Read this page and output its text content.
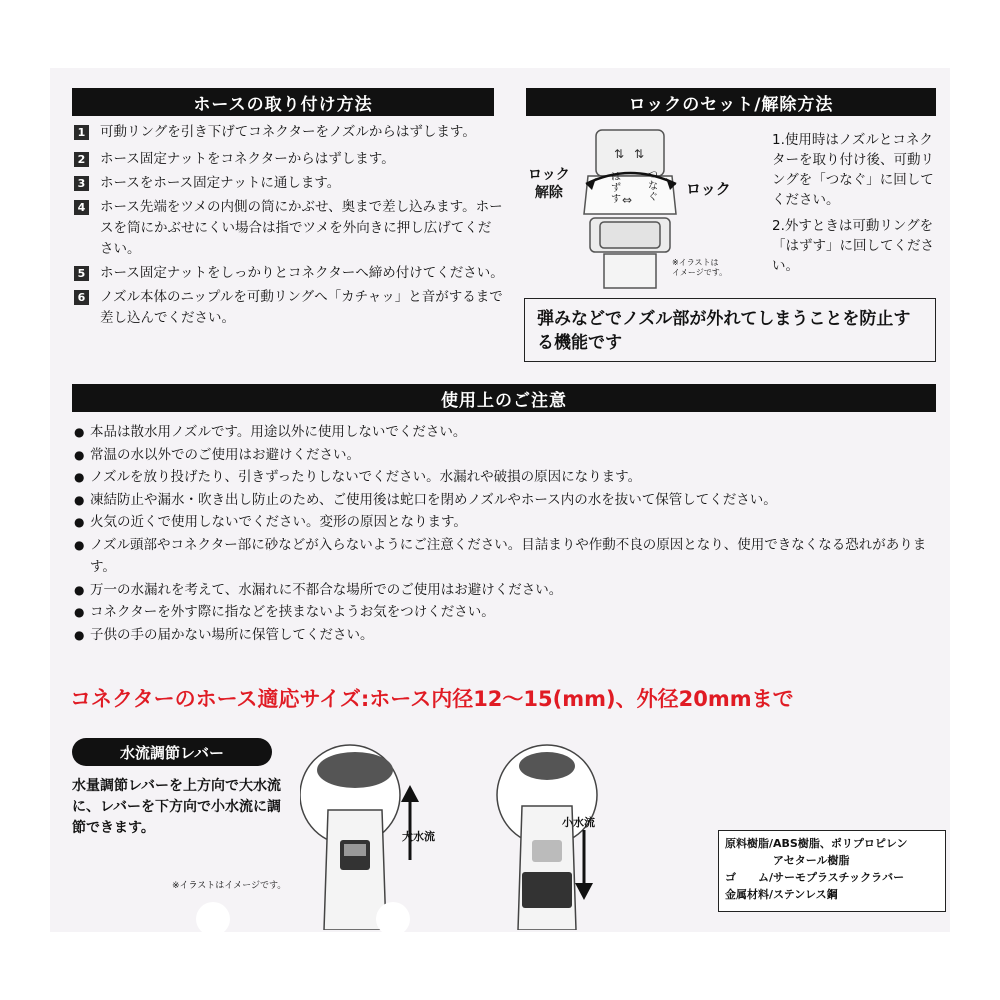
ホースの取り付け方法
1 可動リングを引き下げてコネクターをノズルからはずします。
2 ホース固定ナットをコネクターからはずします。
3 ホースをホース固定ナットに通します。
4 ホース先端をツメの内側の筒にかぶせ、奥まで差し込みます。ホースを筒にかぶせにくい場合は指でツメを外向きに押し広げてください。
5 ホース固定ナットをしっかりとコネクターへ締め付けてください。
6 ノズル本体のニップルを可動リングへ「カチャッ」と音がするまで差し込んでください。
ロックのセット/解除方法
⇅ ⇅
⇔
ロック
解除	ロック
はずす
つなぐ
※イラストは
イメージです。

1.使用時はノズルとコネクターを取り付け後、可動リングを「つなぐ」に回してください。

2.外すときは可動リングを「はずす」に回してください。

弾みなどでノズル部が外れてしまうことを防止する機能です
使用上のご注意
● 本品は散水用ノズルです。用途以外に使用しないでください。
● 常温の水以外でのご使用はお避けください。
● ノズルを放り投げたり、引きずったりしないでください。水漏れや破損の原因になります。
● 凍結防止や漏水・吹き出し防止のため、ご使用後は蛇口を閉めノズルやホース内の水を抜いて保管してください。
● 火気の近くで使用しないでください。変形の原因となります。
● ノズル頭部やコネクター部に砂などが入らないようにご注意ください。目詰まりや作動不良の原因となり、使用できなくなる恐れがあります。
● 万一の水漏れを考えて、水漏れに不都合な場所でのご使用はお避けください。
● コネクターを外す際に指などを挟まないようお気をつけください。
● 子供の手の届かない場所に保管してください。
コネクターのホース適応サイズ:ホース内径12～15(mm)、外径20mmまで
水流調節レバー
水量調節レバーを上方向で大水流に、レバーを下方向で小水流に調節できます。
大水流
小水流
※イラストはイメージです。
原料樹脂/ABS樹脂、ポリプロピレン
　　　　 アセタール樹脂
ゴ　　ム/サーモプラスチックラバー
金属材料/ステンレス鋼
